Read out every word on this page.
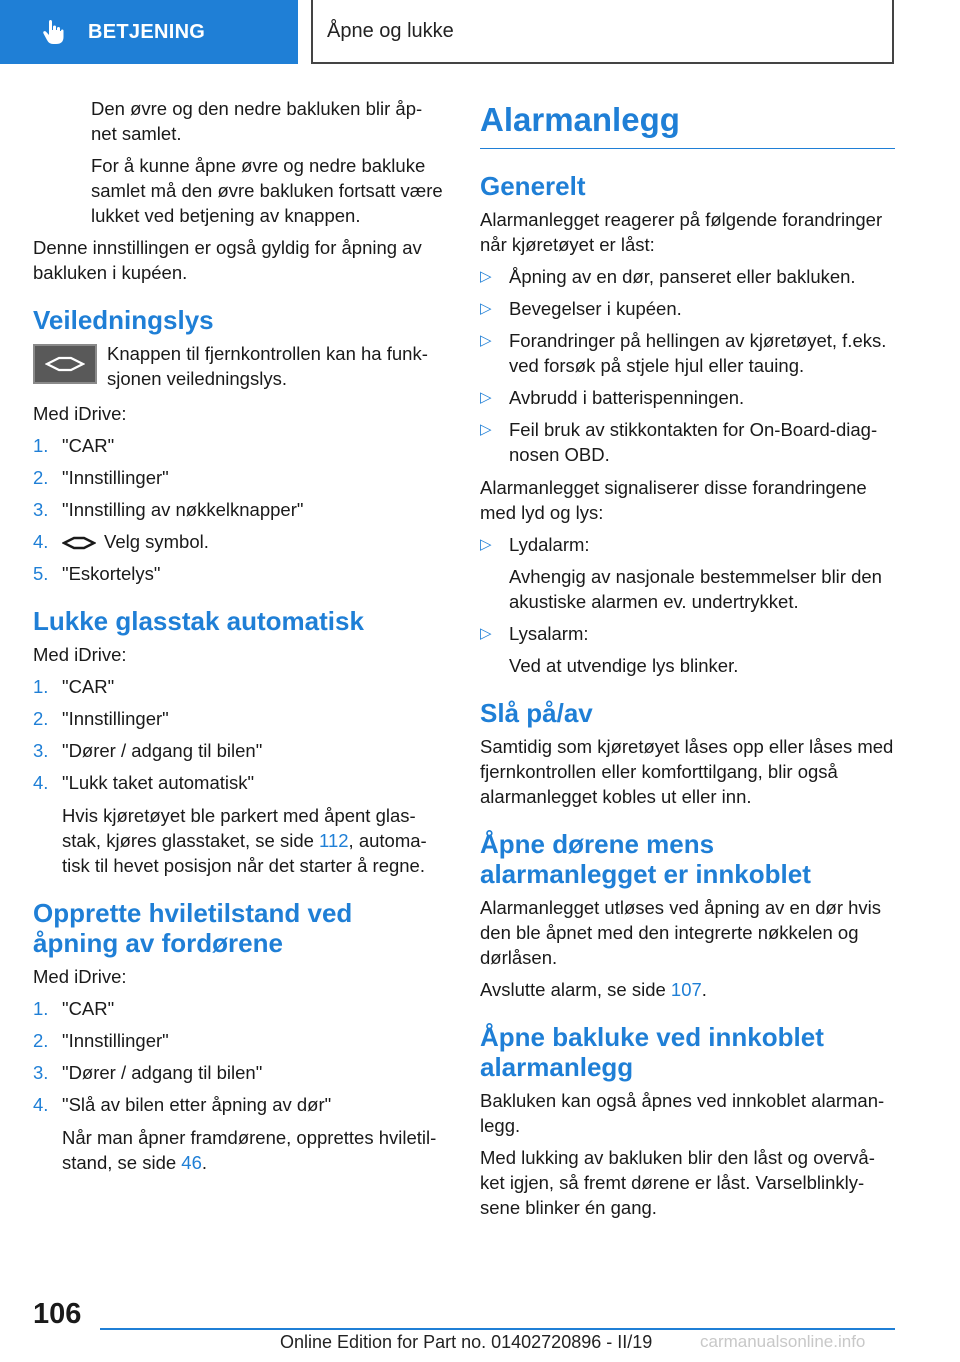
BETJENING	Åpne og lukke

Den øvre og den nedre bakluken blir åp-net samlet.

For å kunne åpne øvre og nedre bakluke samlet må den øvre bakluken fortsatt være lukket ved betjening av knappen.

Denne innstillingen er også gyldig for åpning av bakluken i kupéen.

Veiledningslys
Knappen til fjernkontrollen kan ha funk-sjonen veiledningslys.

Med iDrive:

1. "CAR"
2. "Innstillinger"
3. "Innstilling av nøkkelknapper"
4.	Velg symbol.
5. "Eskortelys"
Lukke glasstak automatisk

Med iDrive:

1. "CAR"
2. "Innstillinger"
3. "Dører / adgang til bilen"
4. "Lukk taket automatisk"

Hvis kjøretøyet ble parkert med åpent glas-stak, kjøres glasstaket, se side 112, automa-tisk til hevet posisjon når det starter å regne.

Opprette hviletilstand ved åpning av fordørene

Med iDrive:

1. "CAR"
2. "Innstillinger"
3. "Dører / adgang til bilen"
4. "Slå av bilen etter åpning av dør"

Når man åpner framdørene, opprettes hviletil-stand, se side 46.

Alarmanlegg
Generelt

Alarmanlegget reagerer på følgende forandringer når kjøretøyet er låst:

▷ Åpning av en dør, panseret eller bakluken.
▷ Bevegelser i kupéen.
▷ Forandringer på hellingen av kjøretøyet, f.eks. ved forsøk på stjele hjul eller tauing.
▷ Avbrudd i batterispenningen.
▷ Feil bruk av stikkontakten for On-Board-diag-nosen OBD.

Alarmanlegget signaliserer disse forandringene med lyd og lys:

▷ Lydalarm:

Avhengig av nasjonale bestemmelser blir den akustiske alarmen ev. undertrykket.

▷ Lysalarm:

Ved at utvendige lys blinker.

Slå på/av

Samtidig som kjøretøyet låses opp eller låses med fjernkontrollen eller komforttilgang, blir også alarmanlegget kobles ut eller inn.

Åpne dørene mens alarmanlegget er innkoblet

Alarmanlegget utløses ved åpning av en dør hvis den ble åpnet med den integrerte nøkkelen og dørlåsen.

Avslutte alarm, se side 107.

Åpne bakluke ved innkoblet alarmanlegg

Bakluken kan også åpnes ved innkoblet alarman-legg.

Med lukking av bakluken blir den låst og overvå-ket igjen, så fremt dørene er låst. Varselblinkly-sene blinker én gang.

106
Online Edition for Part no. 01402720896 - II/19	carmanualsonline.info
